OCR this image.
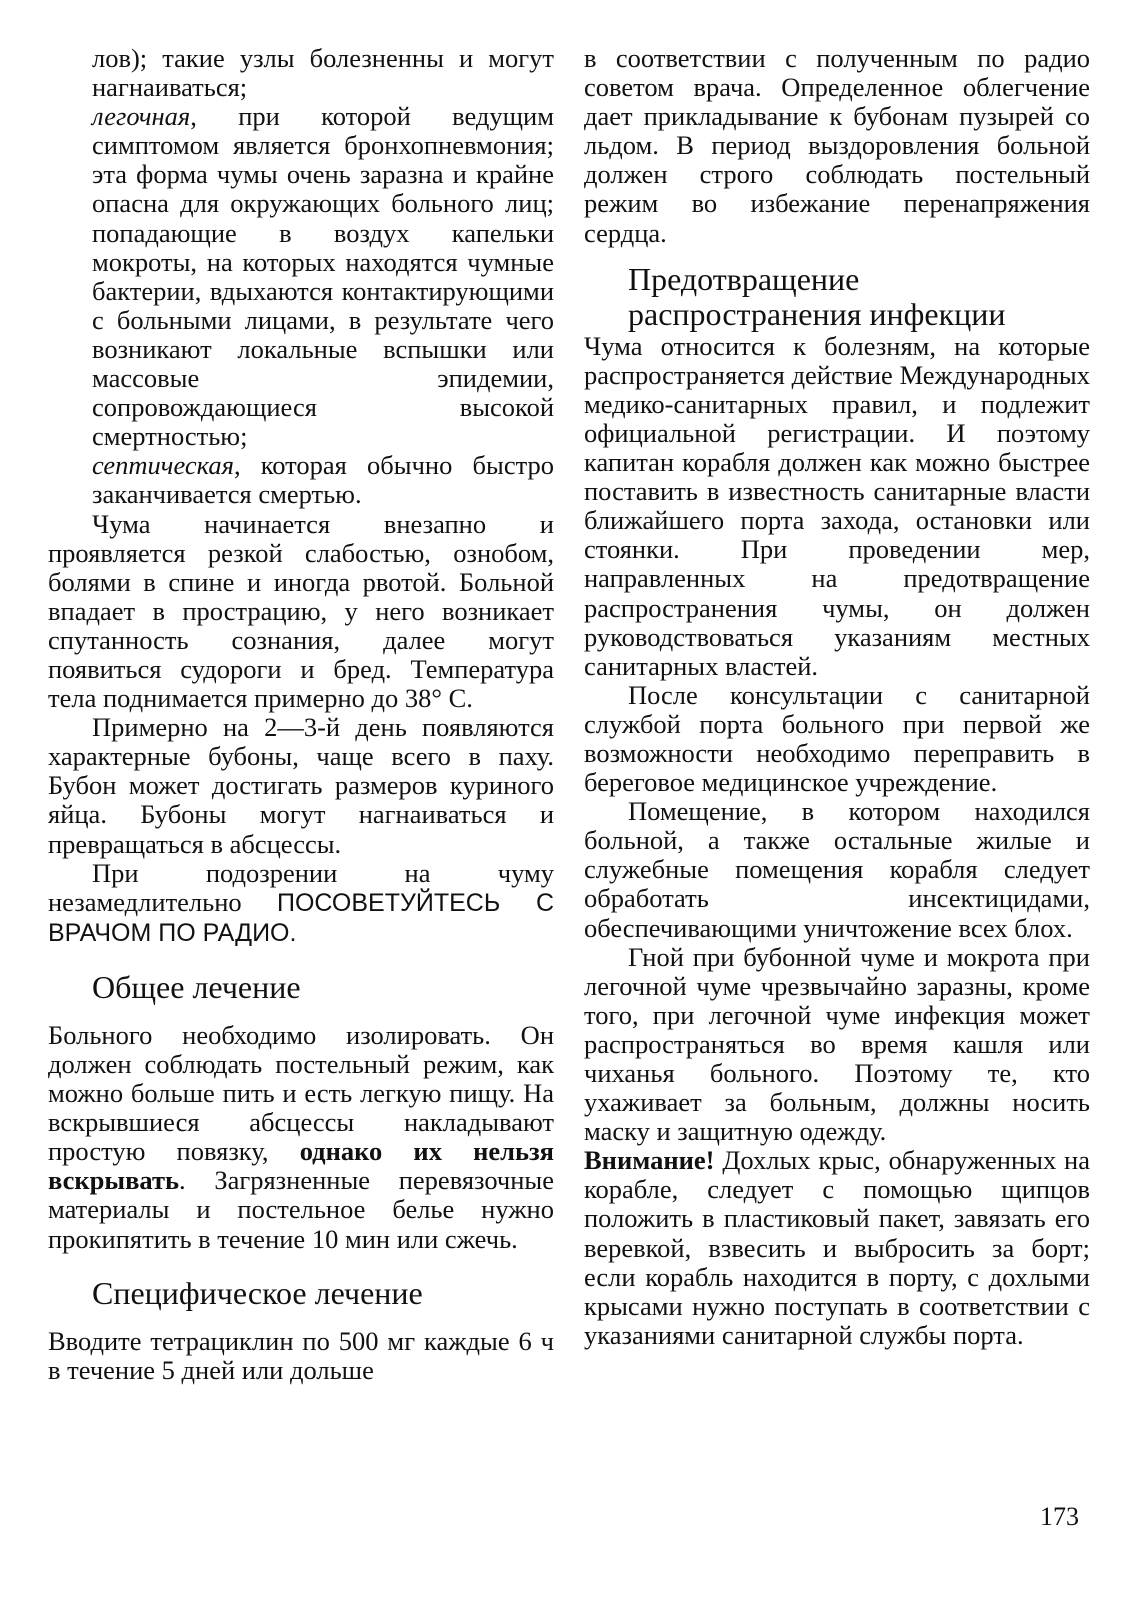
лов); такие узлы болезненны и могут нагнаиваться;

легочная, при которой ведущим симптомом является бронхопневмония; эта форма чумы очень заразна и крайне опасна для окружающих больного лиц; попадающие в воздух капельки мокроты, на которых находятся чумные бактерии, вдыхаются контактирующими с больными лицами, в результате чего возникают локальные вспышки или массовые эпидемии, сопровождающиеся высокой смертностью;

септическая, которая обычно быстро заканчивается смертью.

Чума начинается внезапно и проявляется резкой слабостью, ознобом, болями в спине и иногда рвотой. Больной впадает в прострацию, у него возникает спутанность сознания, далее могут появиться судороги и бред. Температура тела поднимается примерно до 38° С.

Примерно на 2—3-й день появляются характерные бубоны, чаще всего в паху. Бубон может достигать размеров куриного яйца. Бубоны могут нагнаиваться и превращаться в абсцессы.

При подозрении на чуму незамедлительно ПОСОВЕТУЙТЕСЬ С ВРАЧОМ ПО РАДИО.

Общее лечение

Больного необходимо изолировать. Он должен соблюдать постельный режим, как можно больше пить и есть легкую пищу. На вскрывшиеся абсцессы накладывают простую повязку, однако их нельзя вскрывать. Загрязненные перевязочные материалы и постельное белье нужно прокипятить в течение 10 мин или сжечь.

Специфическое лечение

Вводите тетрациклин по 500 мг каждые 6 ч в течение 5 дней или дольше

в соответствии с полученным по радио советом врача. Определенное облегчение дает прикладывание к бубонам пузырей со льдом. В период выздоровления больной должен строго соблюдать постельный режим во избежание перенапряжения сердца.

Предотвращение
распространения инфекции

Чума относится к болезням, на которые распространяется действие Международных медико-санитарных правил, и подлежит официальной регистрации. И поэтому капитан корабля должен как можно быстрее поставить в известность санитарные власти ближайшего порта захода, остановки или стоянки. При проведении мер, направленных на предотвращение распространения чумы, он должен руководствоваться указаниям местных санитарных властей.

После консультации с санитарной службой порта больного при первой же возможности необходимо переправить в береговое медицинское учреждение.

Помещение, в котором находился больной, а также остальные жилые и служебные помещения корабля следует обработать инсектицидами, обеспечивающими уничтожение всех блох.

Гной при бубонной чуме и мокрота при легочной чуме чрезвычайно заразны, кроме того, при легочной чуме инфекция может распространяться во время кашля или чиханья больного. Поэтому те, кто ухаживает за больным, должны носить маску и защитную одежду.

Внимание! Дохлых крыс, обнаруженных на корабле, следует с помощью щипцов положить в пластиковый пакет, завязать его веревкой, взвесить и выбросить за борт; если корабль находится в порту, с дохлыми крысами нужно поступать в соответствии с указаниями санитарной службы порта.

173
